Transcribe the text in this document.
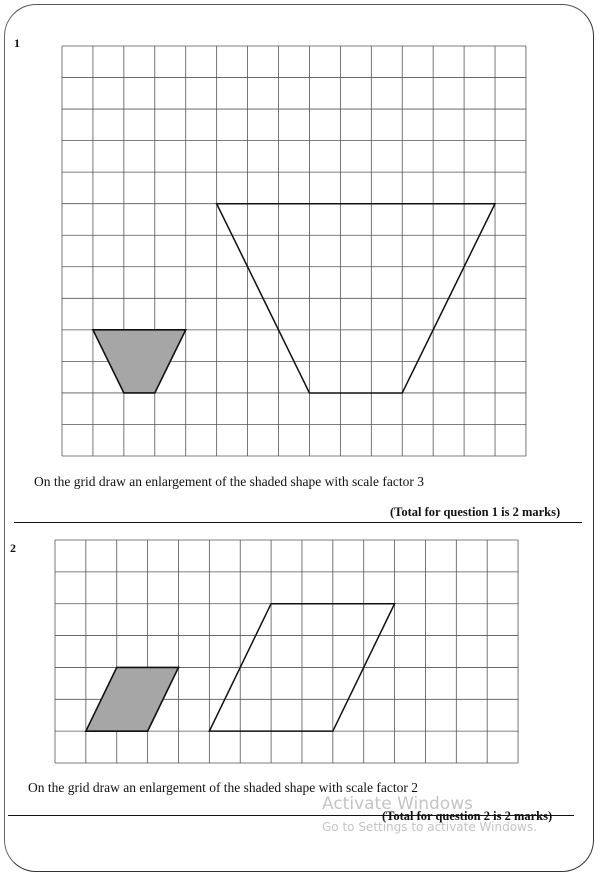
1
On the grid draw an enlargement of the shaded shape with scale factor 3
(Total for question 1 is 2 marks)
2
On the grid draw an enlargement of the shaded shape with scale factor 2
(Total for question 2 is 2 marks)
Activate Windows
Go to Settings to activate Windows.
